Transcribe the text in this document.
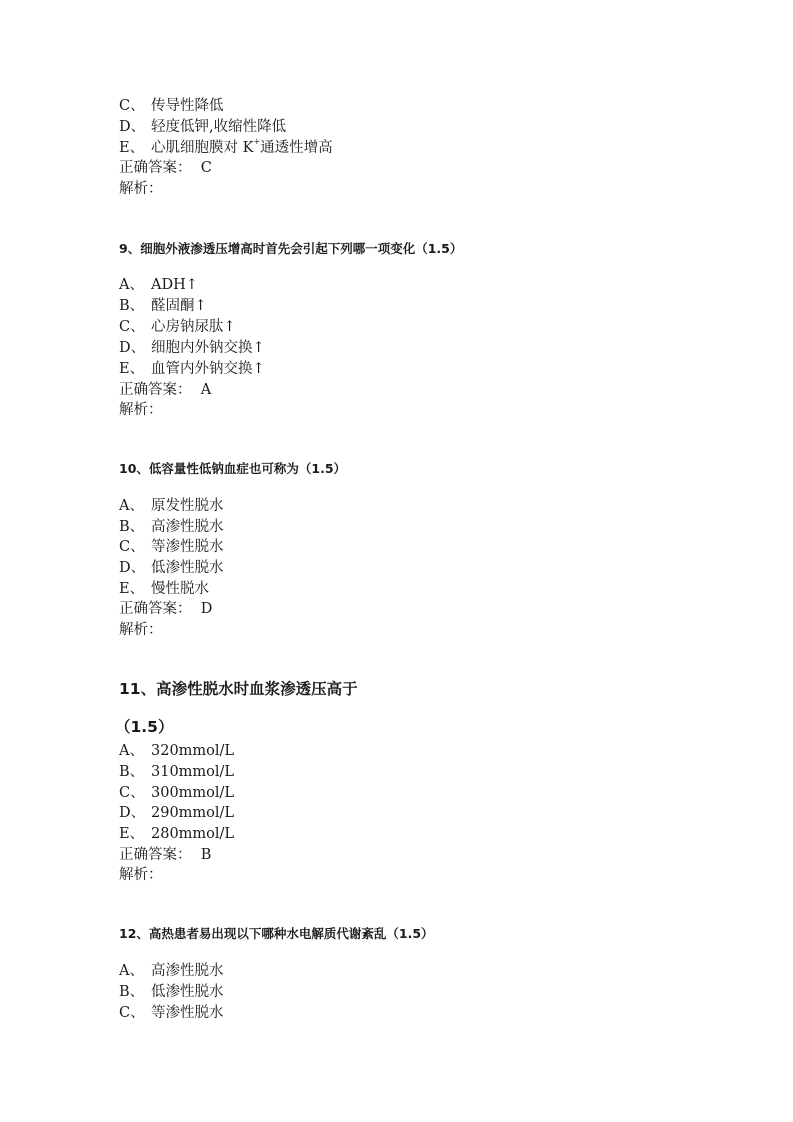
C、 传导性降低
D、 轻度低钾,收缩性降低
E、 心肌细胞膜对 K+通透性增高
正确答案： C
解析：
9、细胞外液渗透压增高时首先会引起下列哪一项变化（1.5）
A、 ADH↑
B、 醛固酮↑
C、 心房钠尿肽↑
D、 细胞内外钠交换↑
E、 血管内外钠交换↑
正确答案： A
解析：
10、低容量性低钠血症也可称为（1.5）
A、 原发性脱水
B、 高渗性脱水
C、 等渗性脱水
D、 低渗性脱水
E、 慢性脱水
正确答案： D
解析：
11、高渗性脱水时血浆渗透压高于
（1.5）
A、 320mmol/L
B、 310mmol/L
C、 300mmol/L
D、 290mmol/L
E、 280mmol/L
正确答案： B
解析：
12、高热患者易出现以下哪种水电解质代谢紊乱（1.5）
A、 高渗性脱水
B、 低渗性脱水
C、 等渗性脱水
